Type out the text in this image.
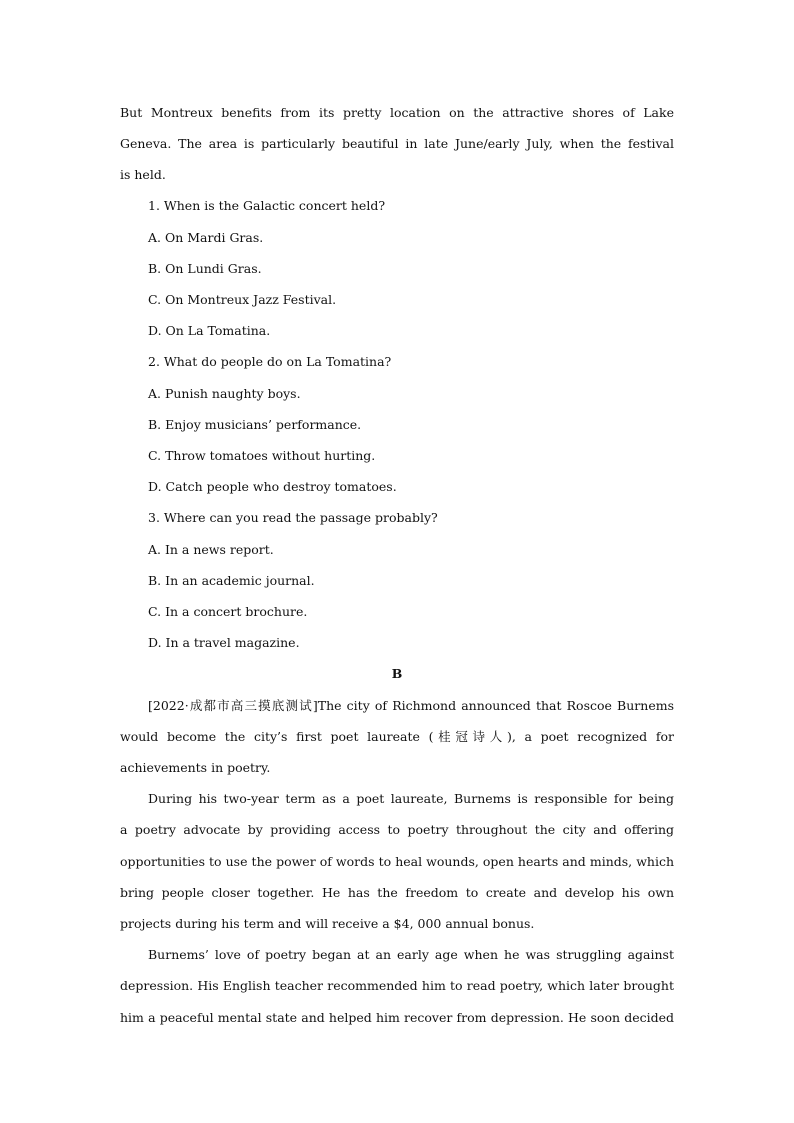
But Montreux benefits from its pretty location on the attractive shores of Lake
Geneva. The area is particularly beautiful in late June/early July, when the festival
is held.
1. When is the Galactic concert held?
A. On Mardi Gras.
B. On Lundi Gras.
C. On Montreux Jazz Festival.
D. On La Tomatina.
2. What do people do on La Tomatina?
A. Punish naughty boys.
B. Enjoy musicians’ performance.
C. Throw tomatoes without hurting.
D. Catch people who destroy tomatoes.
3. Where can you read the passage probably?
A. In a news report.
B. In an academic journal.
C. In a concert brochure.
D. In a travel magazine.
B
[2022·成都市高三摸底测试]The city of Richmond announced that Roscoe Burnems
would become the city’s first poet laureate (桂冠诗人), a poet recognized for
achievements in poetry.
During his two-year term as a poet laureate, Burnems is responsible for being
a poetry advocate by providing access to poetry throughout the city and offering
opportunities to use the power of words to heal wounds, open hearts and minds, which
bring people closer together. He has the freedom to create and develop his own
projects during his term and will receive a $4, 000 annual bonus.
Burnems’ love of poetry began at an early age when he was struggling against
depression. His English teacher recommended him to read poetry, which later brought
him a peaceful mental state and helped him recover from depression. He soon decided
